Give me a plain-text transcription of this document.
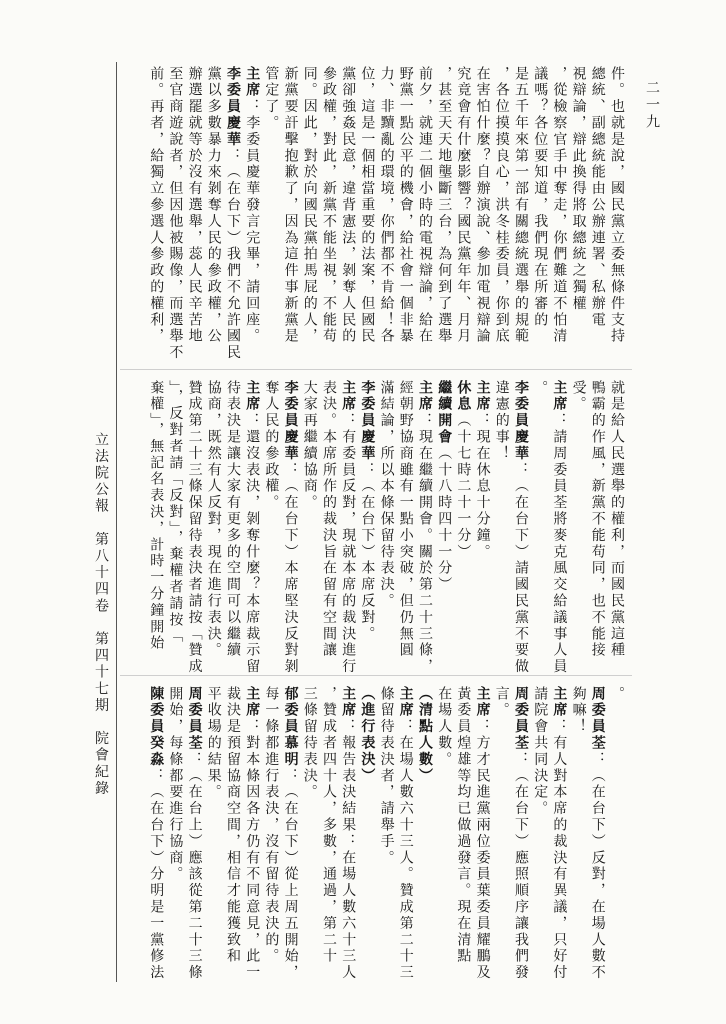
二一九
立法院公報　第八十四卷　第四十七期　院會紀錄
件。也就是說，國民黨立委無條件支持
總統、副總統能由公辦連署、私辦電
視辯論，辯此換得將取總統之獨權
，從檢察官手中奪走，你們難道不怕清
議嗎？各位要知道，我們現在所審的
是五千年來第一部有關總統選舉的規範
，各位摸摸良心，洪冬桂委員，你到底
在害怕什麼？自辦演說、參加電視辯論
究竟會有什麼影響？國民黨年年、月月
，甚至天天地壟斷三台，為何到了選舉
前夕，就連二個小時的電視辯論，給在
野黨一點公平的機會，給社會一個非暴
力、非黷亂的環境，你們都不肯給！各
位，這是一個相當重要的法案，但國民
黨卻強姦民意，違背憲法，剝奪人民的
參政權，對此，新黨不能坐視，不能苟
同。因此，對於向國民黨拍馬屁的人，
新黨要訐擊抱歉了，因為這件事新黨是
管定了。
主席：李委員慶華發言完畢，請回座。
李委員慶華：（在台下）我們不允許國民
黨以多數暴力來剝奪人民的參政權，公
辦選罷就等於沒有選舉，蕊人民辛苦地
至官商遊說者，但因他被賜像，而選舉不
前。再者，給獨立參選人參政的權利，
就是給人民選舉的權利，而國民黨這種
鴨霸的作風，新黨不能苟同，也不能接
受。
主席：請周委員荃將麥克風交給議事人員
。
李委員慶華：（在台下）請國民黨不要做
違憲的事！
主席：現在休息十分鐘。
休息（十七時二十一分）
繼續開會（十八時四十一分）
主席：現在繼續開會。關於第二十三條，
經朝野協商雖有一點小突破，但仍無圓
滿結論，所以本條保留待表決。
李委員慶華：（在台下）本席反對。
主席：有委員反對，現就本席的裁決進行
表決。本席所作的裁決旨在留有空間讓
大家再繼續協商。
李委員慶華：（在台下）本席堅決反對剝
奪人民的參政權。
主席：還沒表決，剝奪什麼？本席裁示留
待表決是讓大家有更多的空間可以繼續
協商，既然有人反對，現在進行表決。
贊成第二十三條保留待表決者請按「贊成
」，反對者請「反對」，棄權者請按「
棄權」，無記名表決，計時一分鐘開始
。
周委員荃：（在台下）反對，在場人數不
夠嘛！
主席：有人對本席的裁決有異議，只好付
請院會共同決定。
周委員荃：（在台下）應照順序讓我們發
言。
主席：方才民進黨兩位委員葉委員耀鵬及
黃委員煌雄等均已做過發言。現在清點
在場人數。
（清點人數）
主席：在場人數六十三人。贊成第二十三
條留待表決者，請舉手。
（進行表決）
主席：報告表決結果：在場人數六十三人
，贊成者四十人，多數，通過，第二十
三條留待表決。
郁委員慕明：（在台下）從上周五開始，
每一條都進行表決，沒有留待表決的。
主席：對本條因各方仍有不同意見，此一
裁決是預留協商空間，相信才能獲致和
平收場的結果。
周委員荃：（在台上）應該從第二十三條
開始，每條都要進行協商。
陳委員癸淼：（在台下）分明是一黨修法
